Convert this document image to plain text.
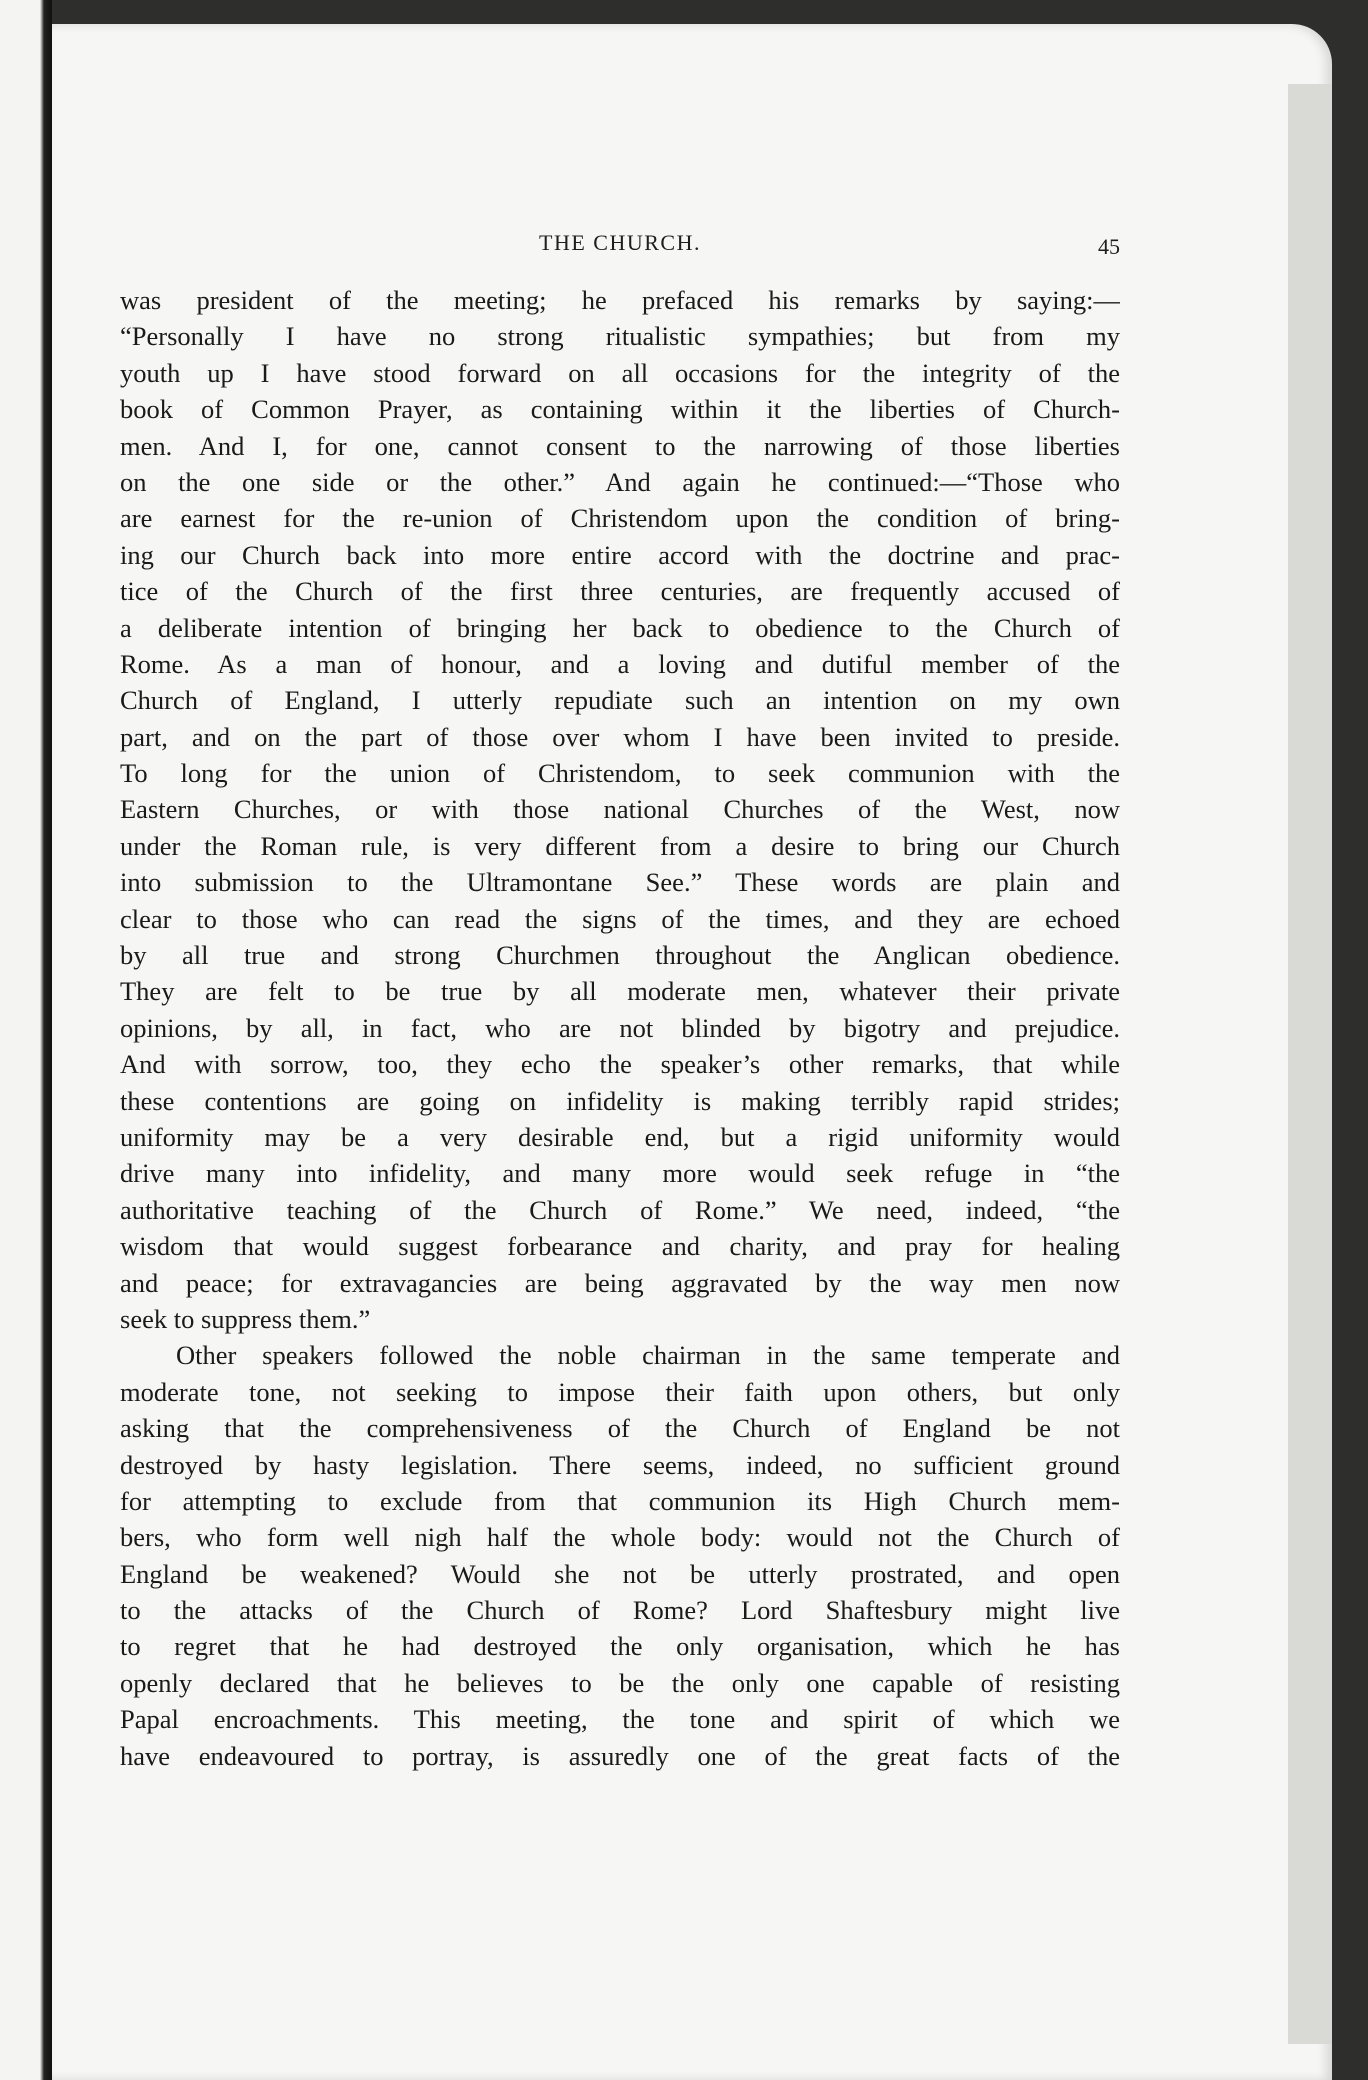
THE CHURCH.	45
was president of the meeting; he prefaced his remarks by saying:—
“Personally I have no strong ritualistic sympathies; but from my
youth up I have stood forward on all occasions for the integrity of the
book of Common Prayer, as containing within it the liberties of Church-
men. And I, for one, cannot consent to the narrowing of those liberties
on the one side or the other.” And again he continued:—“Those who
are earnest for the re-union of Christendom upon the condition of bring-
ing our Church back into more entire accord with the doctrine and prac-
tice of the Church of the first three centuries, are frequently accused of
a deliberate intention of bringing her back to obedience to the Church of
Rome. As a man of honour, and a loving and dutiful member of the
Church of England, I utterly repudiate such an intention on my own
part, and on the part of those over whom I have been invited to preside.
To long for the union of Christendom, to seek communion with the
Eastern Churches, or with those national Churches of the West, now
under the Roman rule, is very different from a desire to bring our Church
into submission to the Ultramontane See.” These words are plain and
clear to those who can read the signs of the times, and they are echoed
by all true and strong Churchmen throughout the Anglican obedience.
They are felt to be true by all moderate men, whatever their private
opinions, by all, in fact, who are not blinded by bigotry and prejudice.
And with sorrow, too, they echo the speaker’s other remarks, that while
these contentions are going on infidelity is making terribly rapid strides;
uniformity may be a very desirable end, but a rigid uniformity would
drive many into infidelity, and many more would seek refuge in “the
authoritative teaching of the Church of Rome.” We need, indeed, “the
wisdom that would suggest forbearance and charity, and pray for healing
and peace; for extravagancies are being aggravated by the way men now
seek to suppress them.”
Other speakers followed the noble chairman in the same temperate and
moderate tone, not seeking to impose their faith upon others, but only
asking that the comprehensiveness of the Church of England be not
destroyed by hasty legislation. There seems, indeed, no sufficient ground
for attempting to exclude from that communion its High Church mem-
bers, who form well nigh half the whole body: would not the Church of
England be weakened? Would she not be utterly prostrated, and open
to the attacks of the Church of Rome? Lord Shaftesbury might live
to regret that he had destroyed the only organisation, which he has
openly declared that he believes to be the only one capable of resisting
Papal encroachments. This meeting, the tone and spirit of which we
have endeavoured to portray, is assuredly one of the great facts of the
